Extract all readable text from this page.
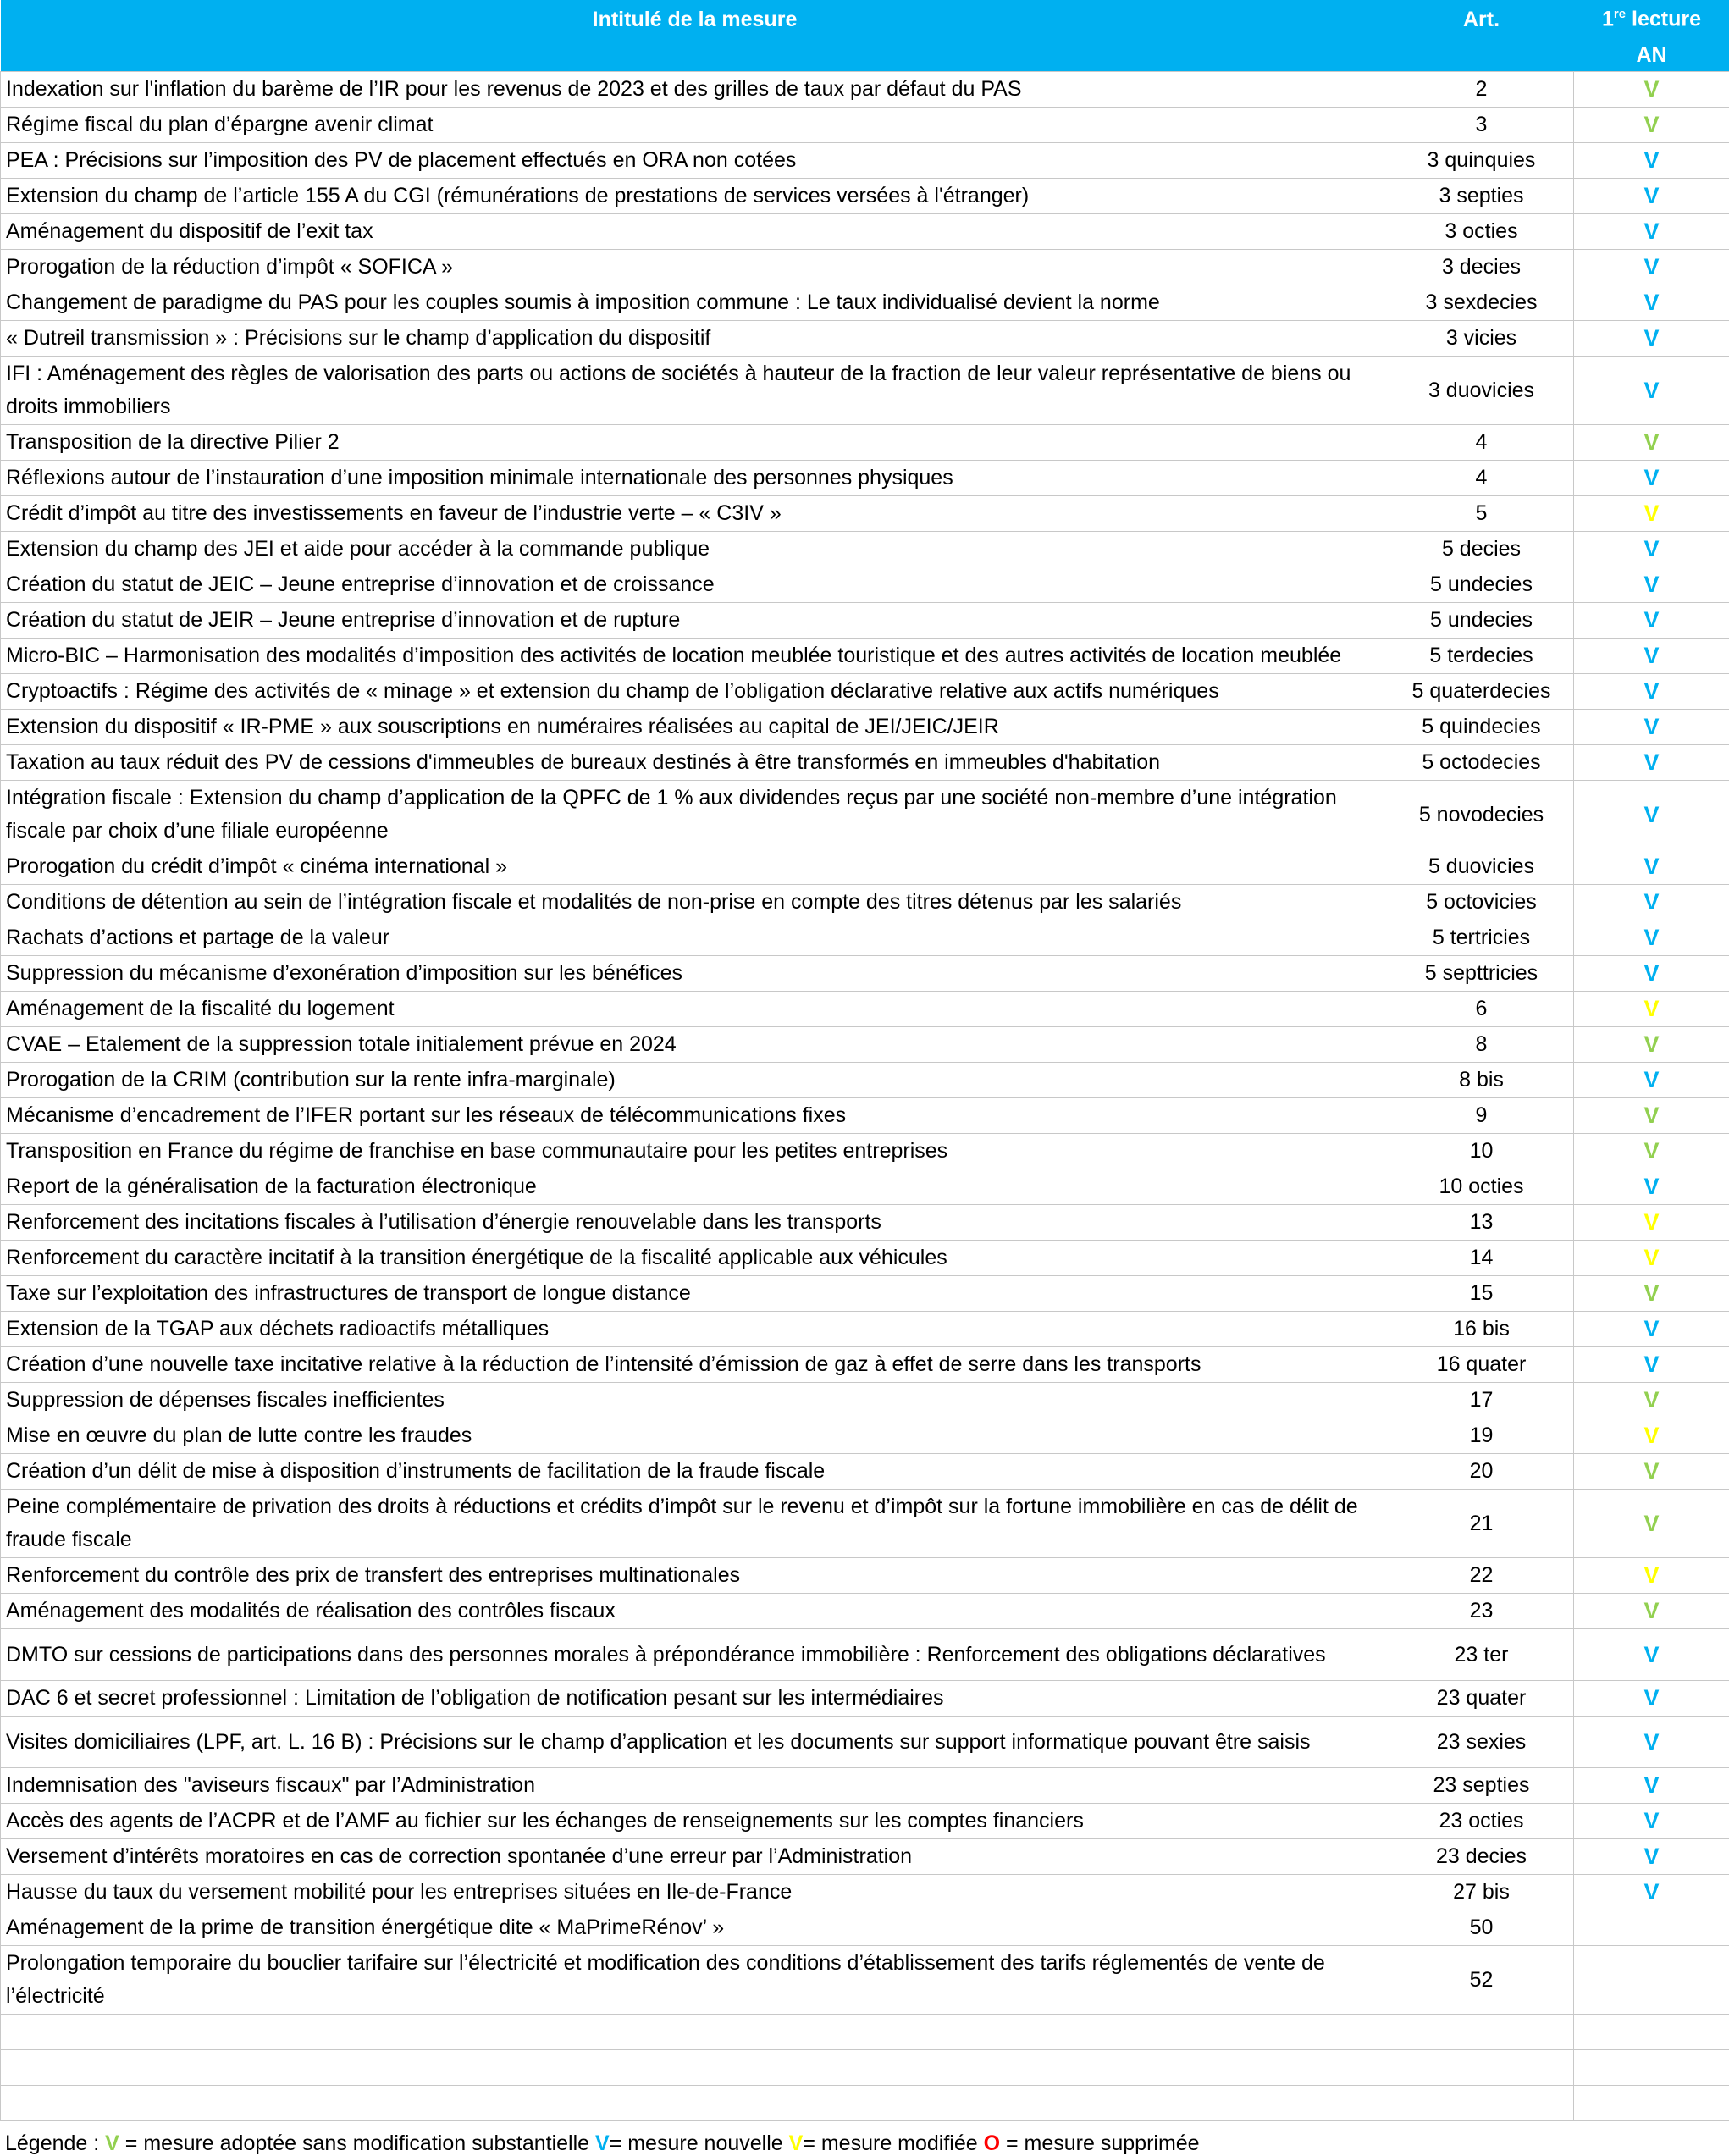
Intitulé de la mesure	Art.	1re lecture
		AN
Indexation sur l'inflation du barème de l’IR pour les revenus de 2023 et des grilles de taux par défaut du PAS	2	V
Régime fiscal du plan d’épargne avenir climat	3	V
PEA : Précisions sur l’imposition des PV de placement effectués en ORA non cotées	3 quinquies	V
Extension du champ de l’article 155 A du CGI (rémunérations de prestations de services versées à l'étranger)	3 septies	V
Aménagement du dispositif de l’exit tax	3 octies	V
Prorogation de la réduction d’impôt « SOFICA »	3 decies	V
Changement de paradigme du PAS pour les couples soumis à imposition commune : Le taux individualisé devient la norme	3 sexdecies	V
« Dutreil transmission » : Précisions sur le champ d’application du dispositif	3 vicies	V
IFI : Aménagement des règles de valorisation des parts ou actions de sociétés à hauteur de la fraction de leur valeur représentative de biens ou droits immobiliers	3 duovicies	V
Transposition de la directive Pilier 2	4	V
Réflexions autour de l’instauration d’une imposition minimale internationale des personnes physiques	4	V
Crédit d’impôt au titre des investissements en faveur de l’industrie verte – « C3IV »	5	V
Extension du champ des JEI et aide pour accéder à la commande publique	5 decies	V
Création du statut de JEIC – Jeune entreprise d’innovation et de croissance	5 undecies	V
Création du statut de JEIR – Jeune entreprise d’innovation et de rupture	5 undecies	V
Micro-BIC – Harmonisation des modalités d’imposition des activités de location meublée touristique et des autres activités de location meublée	5 terdecies	V
Cryptoactifs : Régime des activités de « minage » et extension du champ de l’obligation déclarative relative aux actifs numériques	5 quaterdecies	V
Extension du dispositif « IR-PME » aux souscriptions en numéraires réalisées au capital de JEI/JEIC/JEIR	5 quindecies	V
Taxation au taux réduit des PV de cessions d'immeubles de bureaux destinés à être transformés en immeubles d'habitation	5 octodecies	V
Intégration fiscale : Extension du champ d’application de la QPFC de 1 % aux dividendes reçus par une société non-membre d’une intégration fiscale par choix d’une filiale européenne	5 novodecies	V
Prorogation du crédit d’impôt « cinéma international »	5 duovicies	V
Conditions de détention au sein de l’intégration fiscale et modalités de non-prise en compte des titres détenus par les salariés	5 octovicies	V
Rachats d’actions et partage de la valeur	5 tertricies	V
Suppression du mécanisme d’exonération d’imposition sur les bénéfices	5 septtricies	V
Aménagement de la fiscalité du logement	6	V
CVAE – Etalement de la suppression totale initialement prévue en 2024	8	V
Prorogation de la CRIM (contribution sur la rente infra-marginale)	8 bis	V
Mécanisme d’encadrement de l’IFER portant sur les réseaux de télécommunications fixes	9	V
Transposition en France du régime de franchise en base communautaire pour les petites entreprises	10	V
Report de la généralisation de la facturation électronique	10 octies	V
Renforcement des incitations fiscales à l’utilisation d’énergie renouvelable dans les transports	13	V
Renforcement du caractère incitatif à la transition énergétique de la fiscalité applicable aux véhicules	14	V
Taxe sur l’exploitation des infrastructures de transport de longue distance	15	V
Extension de la TGAP aux déchets radioactifs métalliques	16 bis	V
Création d’une nouvelle taxe incitative relative à la réduction de l’intensité d’émission de gaz à effet de serre dans les transports	16 quater	V
Suppression de dépenses fiscales inefficientes	17	V
Mise en œuvre du plan de lutte contre les fraudes	19	V
Création d’un délit de mise à disposition d’instruments de facilitation de la fraude fiscale	20	V
Peine complémentaire de privation des droits à réductions et crédits d’impôt sur le revenu et d’impôt sur la fortune immobilière en cas de délit de fraude fiscale	21	V
Renforcement du contrôle des prix de transfert des entreprises multinationales	22	V
Aménagement des modalités de réalisation des contrôles fiscaux	23	V
DMTO sur cessions de participations dans des personnes morales à prépondérance immobilière : Renforcement des obligations déclaratives	23 ter	V
DAC 6 et secret professionnel : Limitation de l’obligation de notification pesant sur les intermédiaires	23 quater	V
Visites domiciliaires (LPF, art. L. 16 B) : Précisions sur le champ d’application et les documents sur support informatique pouvant être saisis	23 sexies	V
Indemnisation des "aviseurs fiscaux" par l’Administration	23 septies	V
Accès des agents de l’ACPR et de l’AMF au fichier sur les échanges de renseignements sur les comptes financiers	23 octies	V
Versement d’intérêts moratoires en cas de correction spontanée d’une erreur par l’Administration	23 decies	V
Hausse du taux du versement mobilité pour les entreprises situées en Ile-de-France	27 bis	V
Aménagement de la prime de transition énergétique dite « MaPrimeRénov’ »	50	
Prolongation temporaire du bouclier tarifaire sur l’électricité et modification des conditions d’établissement des tarifs réglementés de vente de l’électricité	52	

Légende : V = mesure adoptée sans modification substantielle V= mesure nouvelle V= mesure modifiée O = mesure supprimée
